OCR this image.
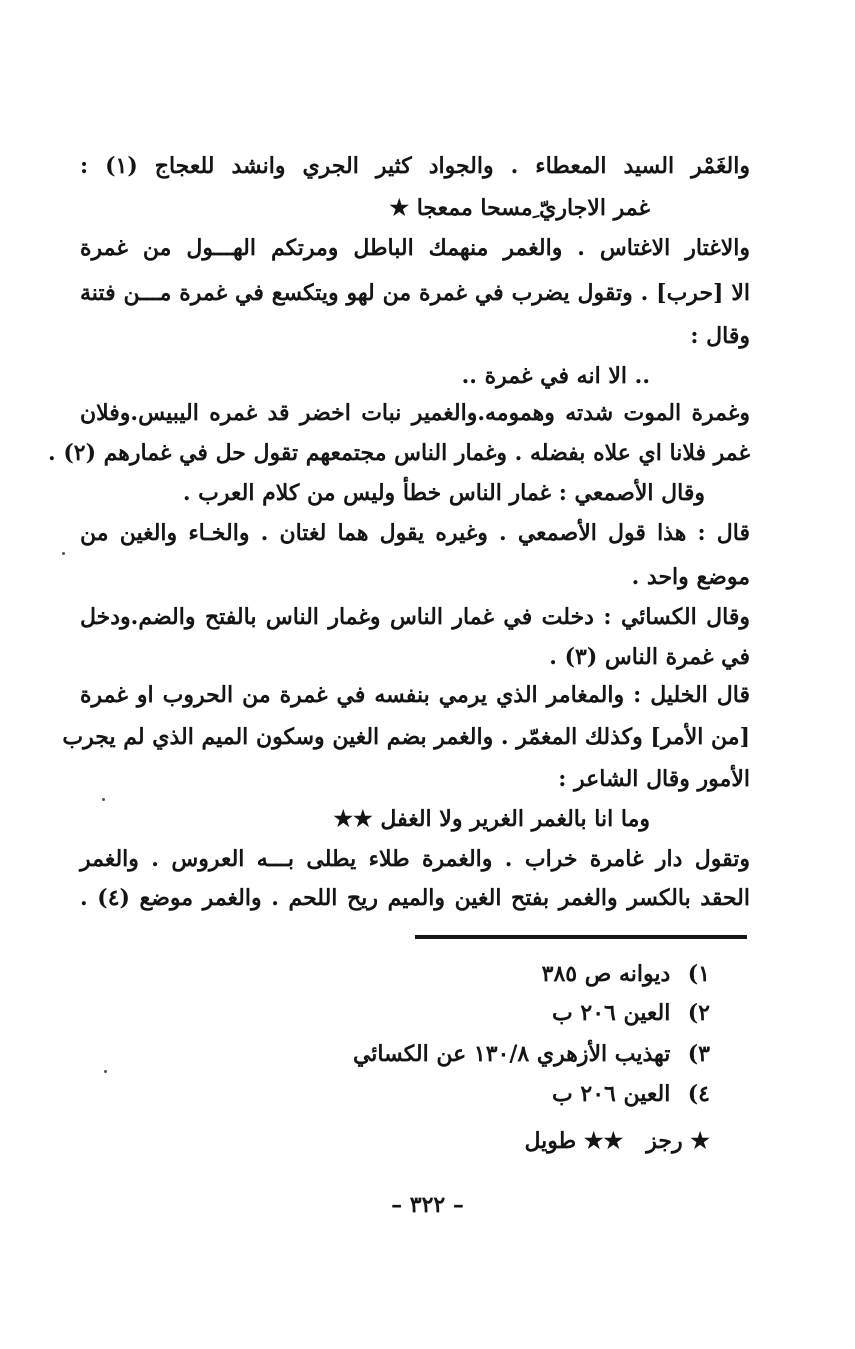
والغَمْر السيد المعطاء . والجواد كثير الجري وانشد للعجاج (١) :
غمر الاجاريّ ِمسحا ممعجا ★
والاغتار الاغتاس . والغمر منهمك الباطل ومرتكم الهـــول من غمرة
الا [حرب] . وتقول يضرب في غمرة من لهو ويتكسع في غمرة مـــن فتنة
وقال :
.. الا انه في غمرة ..
وغمرة الموت شدته وهمومه.والغمير نبات اخضر قد غمره اليبيس.وفلان
غمر فلانا اي علاه بفضله . وغمار الناس مجتمعهم تقول حل في غمارهم (٢) .
وقال الأصمعي : غمار الناس خطأ وليس من كلام العرب .
قال : هذا قول الأصمعي . وغيره يقول هما لغتان . والخـاء والغين من
موضع واحد .
وقال الكسائي : دخلت في غمار الناس وغمار الناس بالفتح والضم.ودخل
في غمرة الناس (٣) .
قال الخليل : والمغامر الذي يرمي بنفسه في غمرة من الحروب او غمرة
[من الأمر] وكذلك المغمّر . والغمر بضم الغين وسكون الميم الذي لم يجرب
الأمور وقال الشاعر :
وما انا بالغمر الغرير ولا الغفل ★★
وتقول دار غامرة خراب . والغمرة طلاء يطلى بـــه العروس . والغمر
الحقد بالكسر والغمر بفتح الغين والميم ريح اللحم . والغمر موضع (٤) .
١) ديوانه ص ٣٨٥
٢) العين ٢٠٦ ب
٣) تهذيب الأزهري ١٣٠/٨ عن الكسائي
٤) العين ٢٠٦ ب
★ رجز   ★★ طويل
– ٣٢٢ –
